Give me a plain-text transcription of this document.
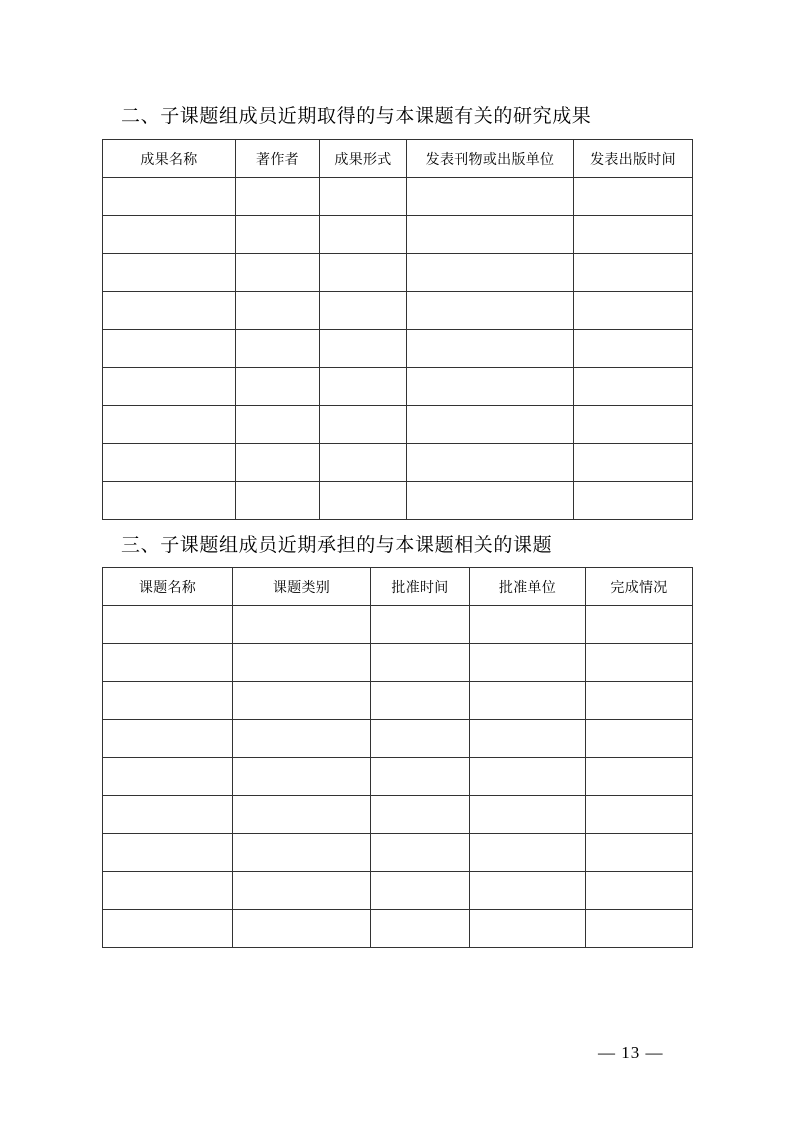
二、子课题组成员近期取得的与本课题有关的研究成果
成果名称	著作者	成果形式	发表刊物或出版单位	发表出版时间

三、子课题组成员近期承担的与本课题相关的课题
课题名称	课题类别	批准时间	批准单位	完成情况

— 13 —
